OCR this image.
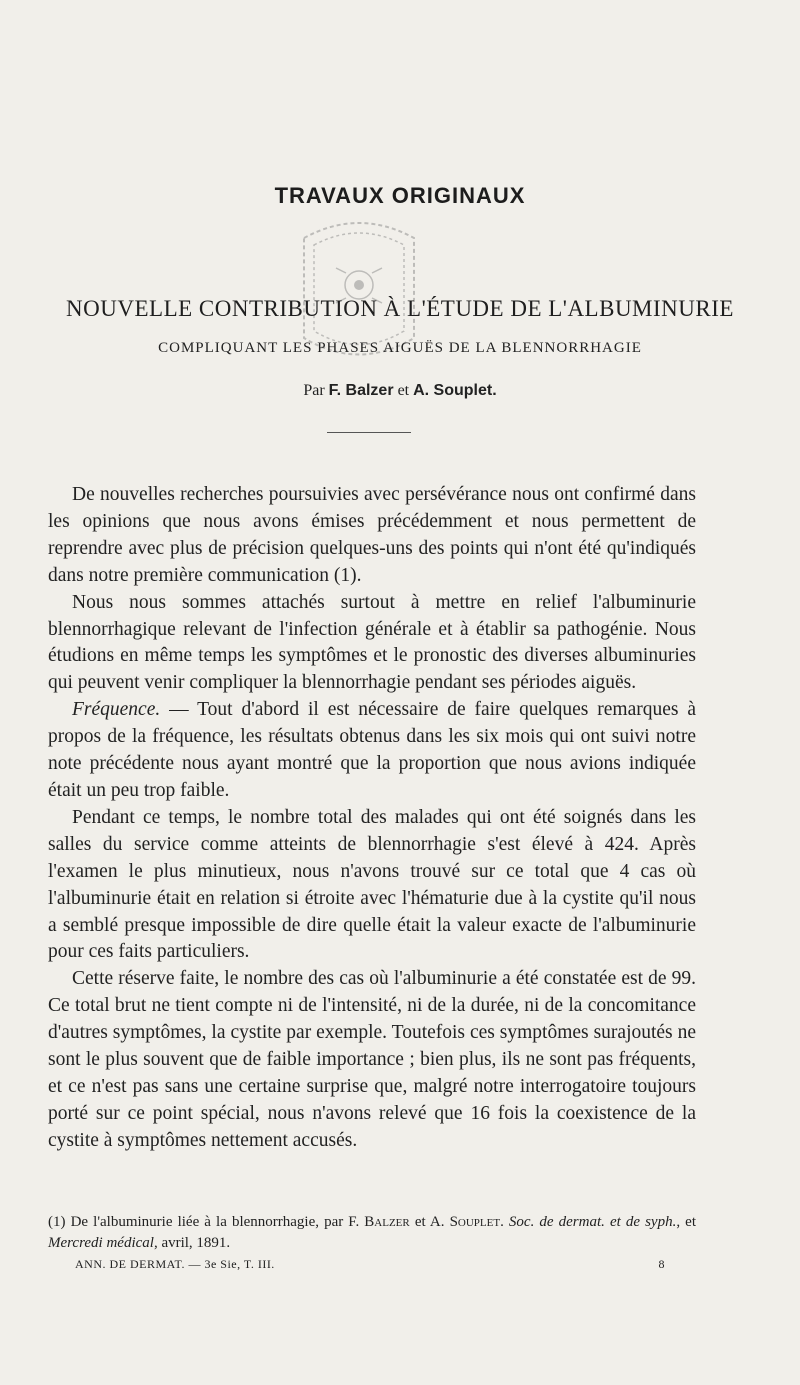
TRAVAUX ORIGINAUX
NOUVELLE CONTRIBUTION À L'ÉTUDE DE L'ALBUMINURIE
COMPLIQUANT LES PHASES AIGUËS DE LA BLENNORRHAGIE
Par F. Balzer et A. Souplet.

De nouvelles recherches poursuivies avec persévérance nous ont confirmé dans les opinions que nous avons émises précédemment et nous permettent de reprendre avec plus de précision quelques-uns des points qui n'ont été qu'indiqués dans notre première communication (1).

Nous nous sommes attachés surtout à mettre en relief l'albuminurie blennorrhagique relevant de l'infection générale et à établir sa pathogénie. Nous étudions en même temps les symptômes et le pronostic des diverses albuminuries qui peuvent venir compliquer la blennorrhagie pendant ses périodes aiguës.

Fréquence. — Tout d'abord il est nécessaire de faire quelques remarques à propos de la fréquence, les résultats obtenus dans les six mois qui ont suivi notre note précédente nous ayant montré que la proportion que nous avions indiquée était un peu trop faible.

Pendant ce temps, le nombre total des malades qui ont été soignés dans les salles du service comme atteints de blennorrhagie s'est élevé à 424. Après l'examen le plus minutieux, nous n'avons trouvé sur ce total que 4 cas où l'albuminurie était en relation si étroite avec l'hématurie due à la cystite qu'il nous a semblé presque impossible de dire quelle était la valeur exacte de l'albuminurie pour ces faits particuliers.

Cette réserve faite, le nombre des cas où l'albuminurie a été constatée est de 99. Ce total brut ne tient compte ni de l'intensité, ni de la durée, ni de la concomitance d'autres symptômes, la cystite par exemple. Toutefois ces symptômes surajoutés ne sont le plus souvent que de faible importance ; bien plus, ils ne sont pas fréquents, et ce n'est pas sans une certaine surprise que, malgré notre interrogatoire toujours porté sur ce point spécial, nous n'avons relevé que 16 fois la coexistence de la cystite à symptômes nettement accusés.

(1) De l'albuminurie liée à la blennorrhagie, par F. Balzer et A. Souplet. Soc. de dermat. et de syph., et Mercredi médical, avril, 1891.
ANN. DE DERMAT. — 3e Sie, T. III.	8
